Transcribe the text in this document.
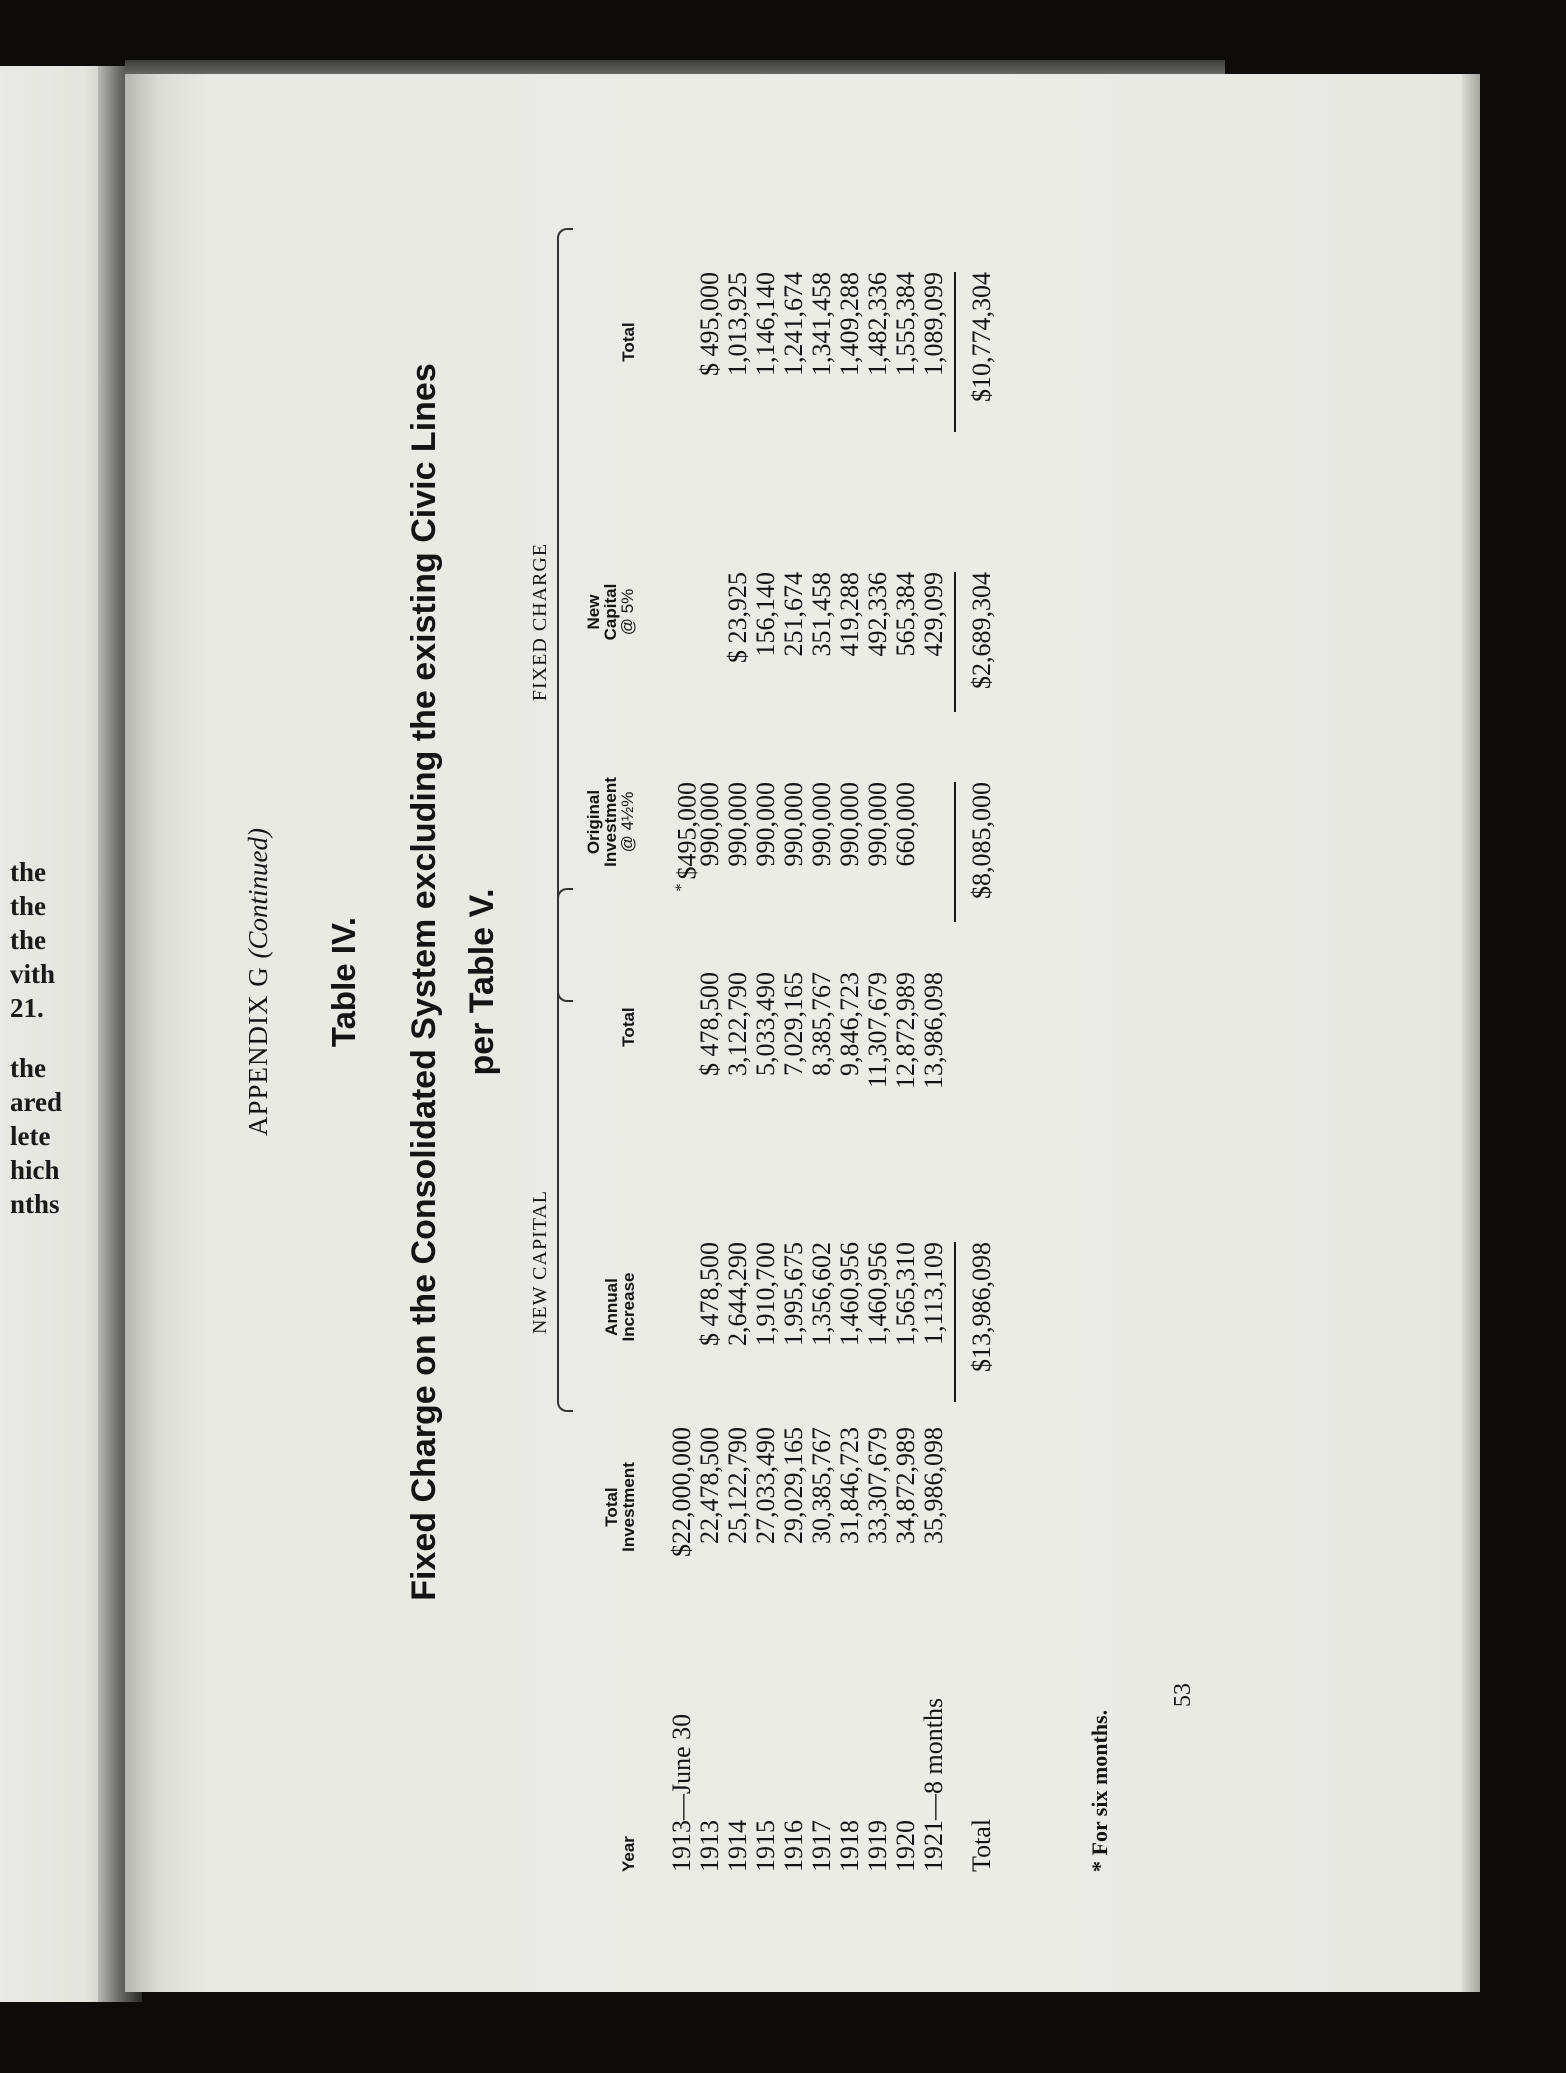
the
the
the
vith
21.
the
ared
lete
hich
nths
APPENDIX G (Continued)
Table IV. Fixed Charge on the Consolidated System excluding the existing Civic Lines per Table V.
NEW CAPITAL
FIXED CHARGE
Year
Total
Investment
Annual
Increase
Total
Original
Investment
@ 4½%
New
Capital
@ 5%
Total
1913—June 30 1913 1914 1915 1916 1917 1918 1919 1920 1921—8 months
$22,000,000 22,478,500 25,122,790 27,033,490 29,029,165 30,385,767 31,846,723 33,307,679 34,872,989 35,986,098
$ 478,500 2,644,290 1,910,700 1,995,675 1,356,602 1,460,956 1,460,956 1,565,310 1,113,109
$ 478,500 3,122,790 5,033,490 7,029,165 8,385,767 9,846,723 11,307,679 12,872,989 13,986,098
*$495,000
990,000 990,000 990,000 990,000 990,000 990,000 990,000 660,000
$ 23,925 156,140 251,674 351,458 419,288 492,336 565,384 429,099
$ 495,000 1,013,925 1,146,140 1,241,674 1,341,458 1,409,288 1,482,336 1,555,384 1,089,099
Total
$13,986,098
$8,085,000
$2,689,304
$10,774,304
* For six months.
53
